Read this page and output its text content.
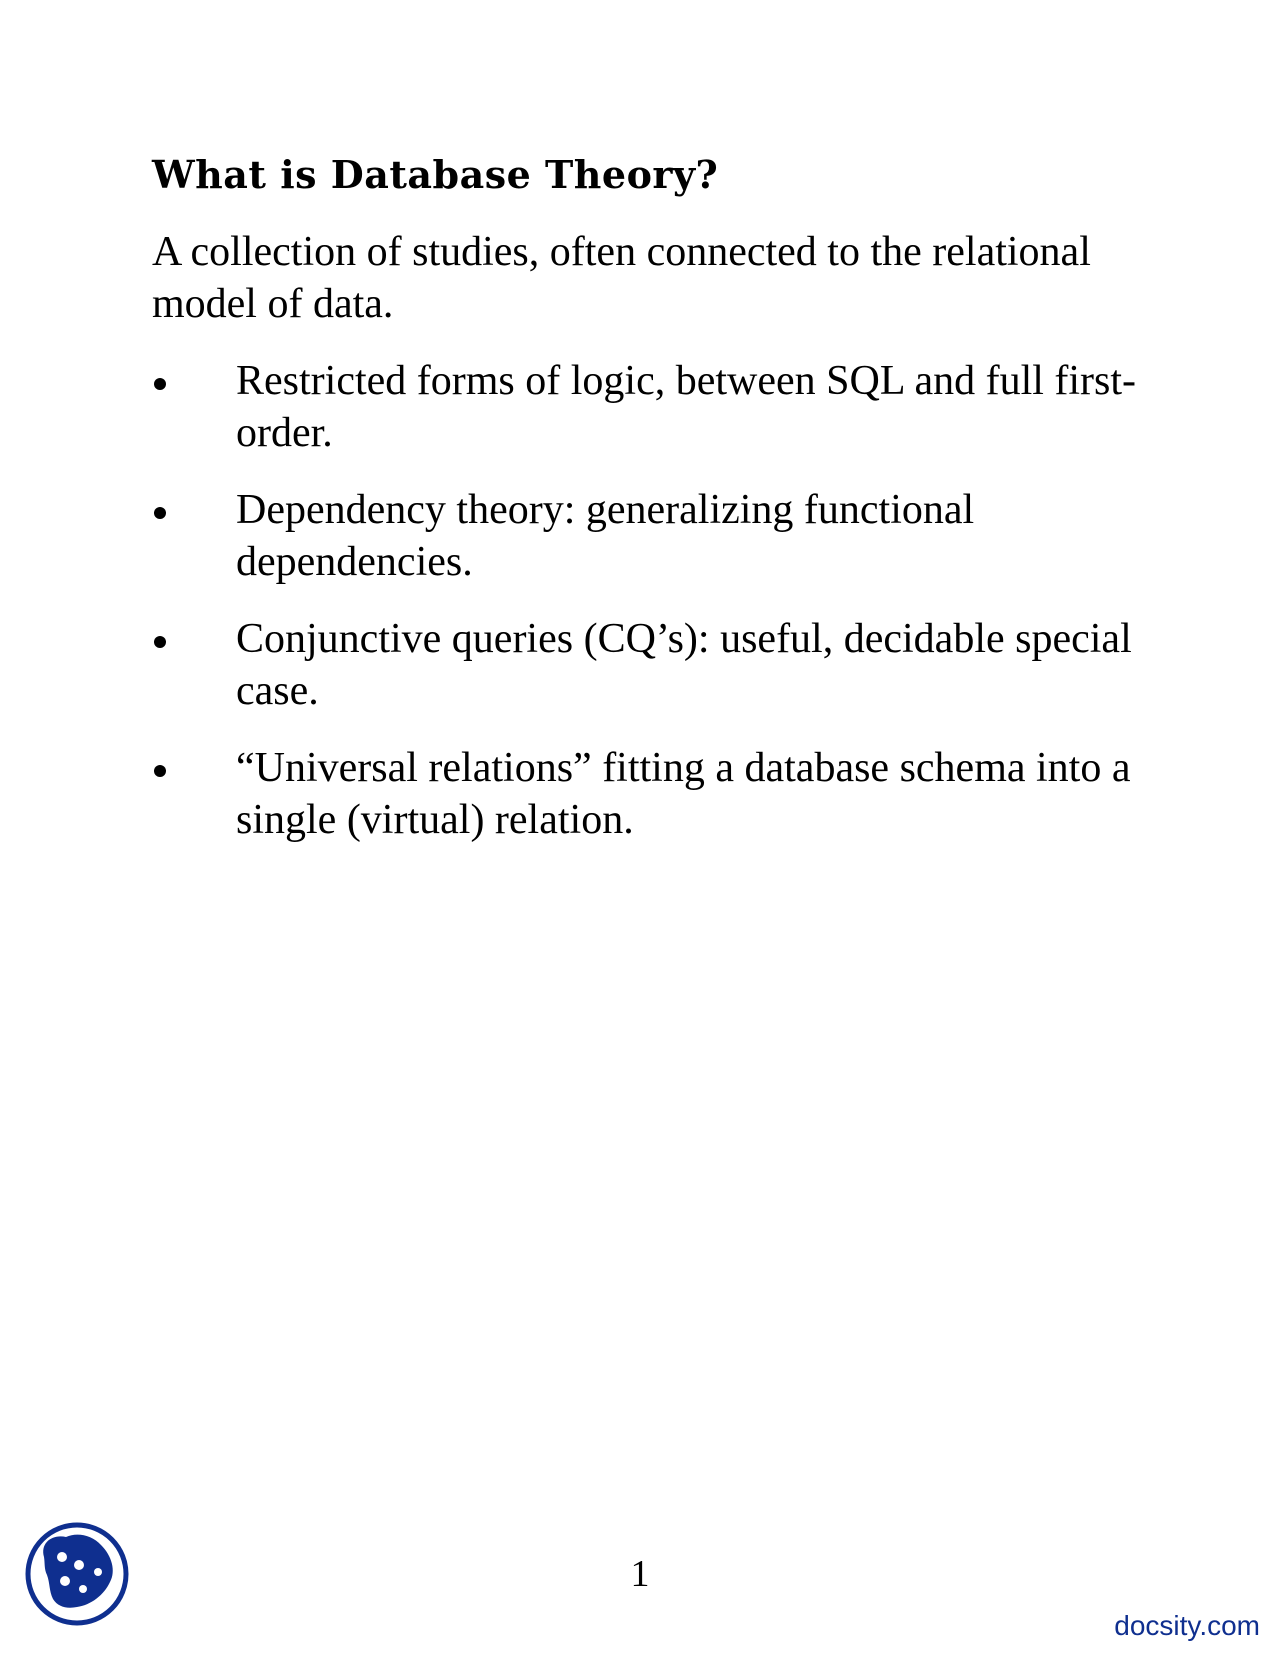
What is Database Theory?

A collection of studies, often connected to the relational model of data.

Restricted forms of logic, between SQL and full first-order.
Dependency theory: generalizing functional dependencies.
Conjunctive queries (CQ’s): useful, decidable special case.
“Universal relations” fitting a database schema into a single (virtual) relation.
1
docsity.com
